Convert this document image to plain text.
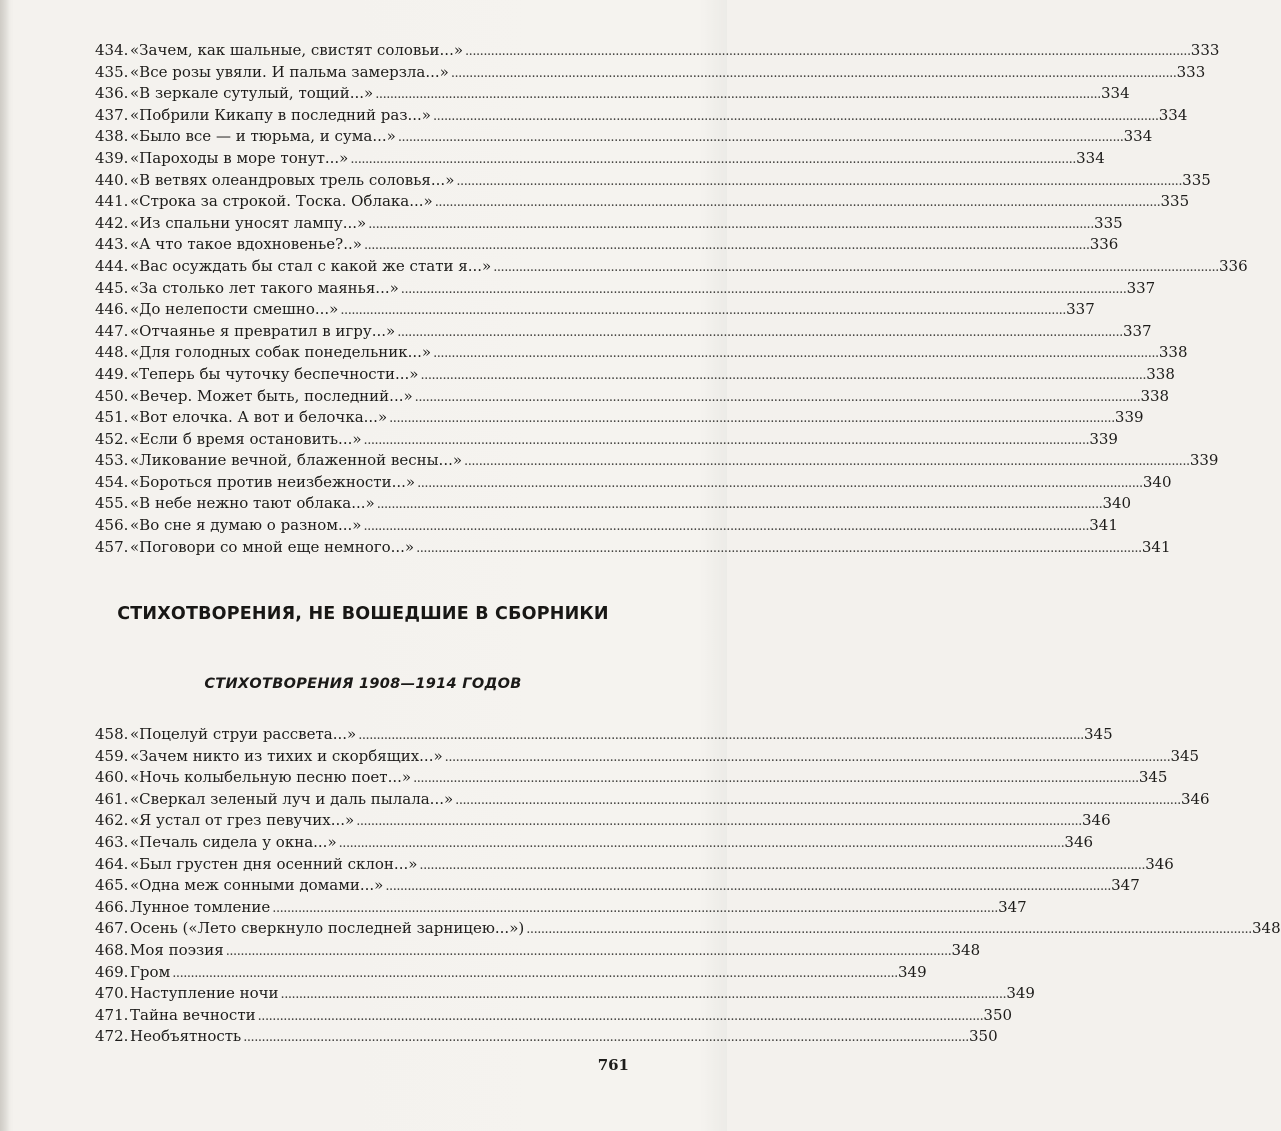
434. «Зачем, как шальные, свистят соловьи...» . . .	333
435. «Все розы увяли. И пальма замерзла...» . . .	333
436. «В зеркале сутулый, тощий...» . . .	334
437. «Побрили Кикапу в последний раз...» . . .	334
438. «Было все — и тюрьма, и сума...» . . .	334
439. «Пароходы в море тонут...» . . .	334
440. «В ветвях олеандровых трель соловья...» . . .	335
441. «Строка за строкой. Тоска. Облака...» . . .	335
442. «Из спальни уносят лампу...» . . .	335
443. «А что такое вдохновенье?..» . . .	336
444. «Вас осуждать бы стал с какой же стати я...» . . .	336
445. «За столько лет такого маянья...» . . .	337
446. «До нелепости смешно...» . . .	337
447. «Отчаянье я превратил в игру...» . . .	337
448. «Для голодных собак понедельник...» . . .	338
449. «Теперь бы чуточку беспечности...» . . .	338
450. «Вечер. Может быть, последний...» . . .	338
451. «Вот елочка. А вот и белочка...» . . .	339
452. «Если б время остановить...» . . .	339
453. «Ликование вечной, блаженной весны...» . . .	339
454. «Бороться против неизбежности...» . . .	340
455. «В небе нежно тают облака...» . . .	340
456. «Во сне я думаю о разном...» . . .	341
457. «Поговори со мной еще немного...» . . .	341
СТИХОТВОРЕНИЯ, НЕ ВОШЕДШИЕ В СБОРНИКИ
СТИХОТВОРЕНИЯ 1908—1914 ГОДОВ
458. «Поцелуй струи рассвета...» . . .	345
459. «Зачем никто из тихих и скорбящих...» . . .	345
460. «Ночь колыбельную песню поет...» . . .	345
461. «Сверкал зеленый луч и даль пылала...» . . .	346
462. «Я устал от грез певучих...» . . .	346
463. «Печаль сидела у окна...» . . .	346
464. «Был грустен дня осенний склон...» . . .	346
465. «Одна меж сонными домами...» . . .	347
466. Лунное томление . . .	347
467. Осень («Лето сверкнуло последней зарницею...») . . .	348
468. Моя поэзия . . .	348
469. Гром . . .	349
470. Наступление ночи . . .	349
471. Тайна вечности . . .	350
472. Необъятность . . .	350
761
